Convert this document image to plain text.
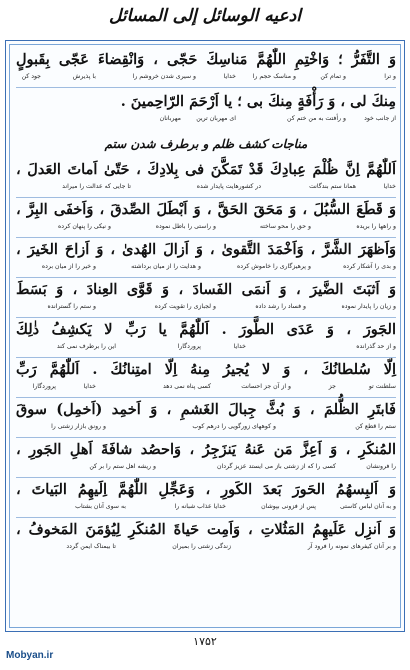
ادعیه الوسائل إلى المسائل
وَ التَّفَرُّ ؛ وَاخْتِمِ اللّٰهُمَّ مَناسِكَ حَجّی ، وَانْقِضاءَ عَجّی بِقَبولٍ
و ترا
و تمام کن
و مناسک حجم را
خدایا
و سیری شدن خروشم را
با پذیرش
جود کن
مِنكَ لی ، وَ رَأْفَةٍ مِنكَ بی ؛ یا اَرْحَمَ الرّاحِمینَ .
از جانب خود
و رأفتت به من ختم کن
ای مهربان ترین
مهربانان
مناجات کشف ظلم و برطرف شدن ستم
اَللّٰهُمَّ اِنَّ ظُلْمَ عِبادِكَ قَدْ تَمَكَّنَ فی بِلادِكَ ، حَتّیٰ اَماتَ العَدلَ ،
خدایا
همانا ستم بندگانت
در کشورهایت پایدار شده
تا جایی که عدالت را میراند
وَ قَطَعَ السُّبُلَ ، وَ مَحَقَ الحَقَّ ، وَ اَبْطَلَ الصِّدقَ ، وَاَخفَى البِرَّ ،
و راهها را بریده
و حق را محو ساخته
و راستی را باطل نموده
و نیکی را پنهان کرده
وَاَظهَرَ الشَّرَّ ، وَاَخْمَدَ التَّقویٰ ، وَ اَزالَ الهُدیٰ ، وَ اَزاحَ الخَیرَ ،
و بدی را آشکار کرده
و پرهیزگاری را خاموش کرده
و هدایت را از میان برداشته
و خیر را از میان برده
وَ اَثبَتَ الضَّیرَ ، وَ اَنمَی الفَسادَ ، وَ قَوَّی العِنادَ ، وَ بَسَطَ
و زیان را پایدار نموده
و فساد را رشد داده
و لجبازی را تقویت کرده
و ستم را گسترانده
الجَورَ ، وَ عَدَی الطَّورَ . اَللّٰهُمَّ یا رَبِّ لا یَکشِفُ ذٰلِكَ
و از حد گذرانده
خدایا
پروردگارا
این را برطرف نمی کند
اِلّا سُلطانُكَ ، وَ لا یُجیرُ مِنهُ اِلّا امتِنانُكَ . اَللّٰهُمَّ رَبِّ
سلطنت تو
جز
و از آن جز احسانت
کسی پناه نمی دهد
خدایا
پروردگارا
فَابتَرِ الظُّلمَ ، وَ بُثَّ جِبالَ الغَشمِ ، وَ اَخمِد (اَخمِل) سوقَ
ستم را قطع کن
و کوههای زورگویی را درهم کوب
و رونق بازار زشتی را
المُنکَرِ ، وَ اَعِزَّ مَن عَنهُ یَنزَجِرُ ، وَاحصُد شافَةَ اَهلِ الجَورِ ،
را فرونشان
کسی را که از زشتی باز می ایستد عزیز گردان
و ریشه اهل ستم را بر کن
وَ اَلبِسهُمُ الحَورَ بَعدَ الکَورِ ، وَعَجِّلِ اللّٰهُمَّ اِلَیهِمُ البَیاتَ ،
و به آنان لباس کاستی
پس از فزونی بپوشان
خدایا عذاب شبانه را
به سوی آنان بشتاب
وَ اَنزِل عَلَیهِمُ المَثُلاتِ ، وَاَمِت حَیاةَ المُنکَرِ لِیُؤمَنَ المَخوفُ ،
و بر آنان کیفرهای نمونه را فرود آر
زندگی زشتی را بمیران
تا بیمناک ایمن گردد
۱۷۵۲
Mobyan.ir
